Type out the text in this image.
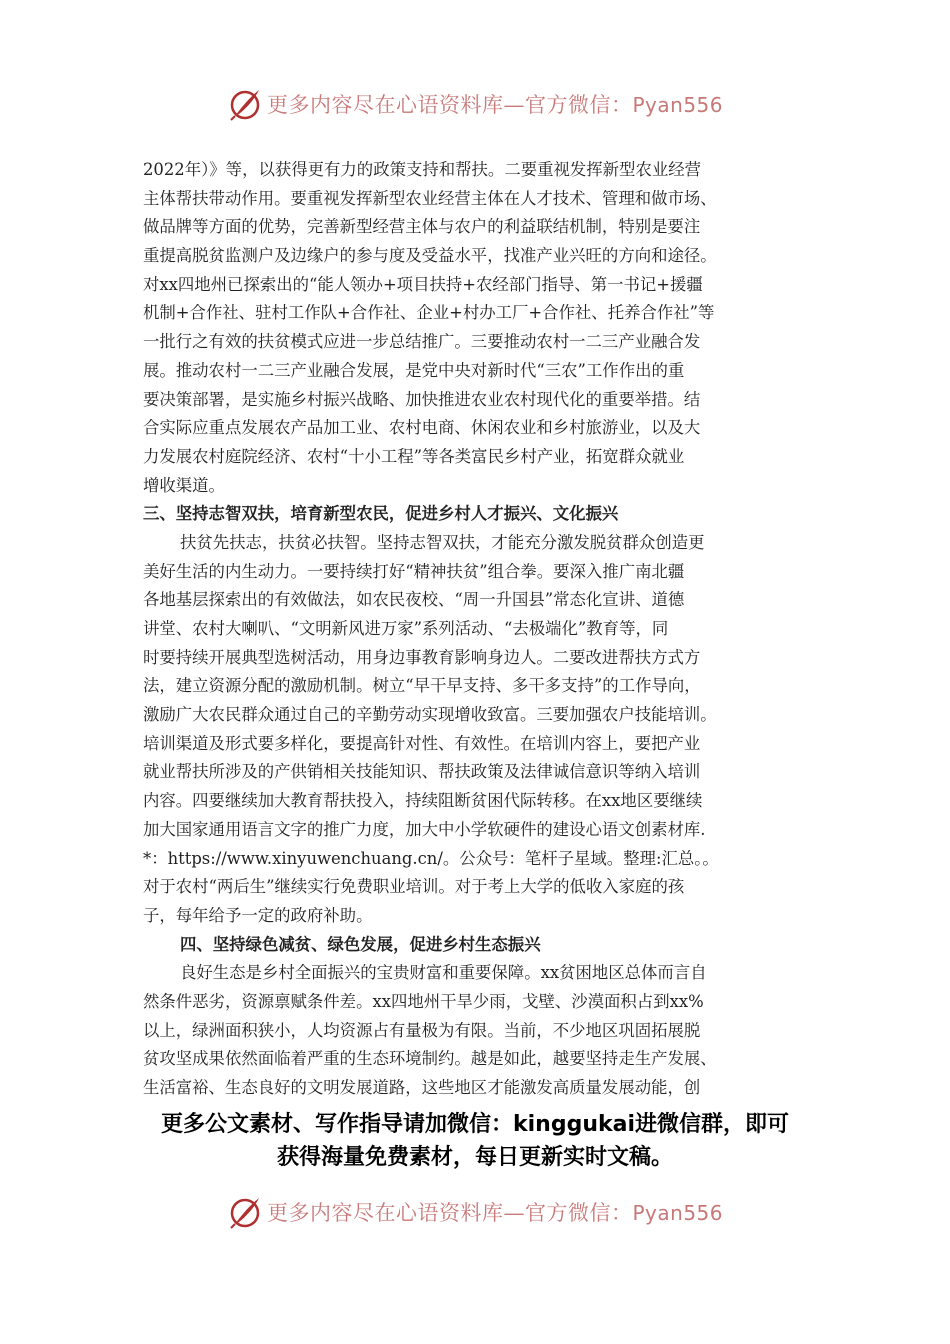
更多内容尽在心语资料库—官方微信：Pyan556
2022年）》等，以获得更有力的政策支持和帮扶。二要重视发挥新型农业经营
主体帮扶带动作用。要重视发挥新型农业经营主体在人才技术、管理和做市场、
做品牌等方面的优势，完善新型经营主体与农户的利益联结机制，特别是要注
重提高脱贫监测户及边缘户的参与度及受益水平，找准产业兴旺的方向和途径。
对xx四地州已探索出的“能人领办+项目扶持+农经部门指导、第一书记+援疆
机制+合作社、驻村工作队+合作社、企业+村办工厂+合作社、托养合作社”等
一批行之有效的扶贫模式应进一步总结推广。三要推动农村一二三产业融合发
展。推动农村一二三产业融合发展，是党中央对新时代“三农”工作作出的重
要决策部署，是实施乡村振兴战略、加快推进农业农村现代化的重要举措。结
合实际应重点发展农产品加工业、农村电商、休闲农业和乡村旅游业，以及大
力发展农村庭院经济、农村“十小工程”等各类富民乡村产业，拓宽群众就业
增收渠道。
三、坚持志智双扶，培育新型农民，促进乡村人才振兴、文化振兴
扶贫先扶志，扶贫必扶智。坚持志智双扶，才能充分激发脱贫群众创造更
美好生活的内生动力。一要持续打好“精神扶贫”组合拳。要深入推广南北疆
各地基层探索出的有效做法，如农民夜校、“周一升国县”常态化宣讲、道德
讲堂、农村大喇叭、“文明新风进万家”系列活动、“去极端化”教育等，同
时要持续开展典型选树活动，用身边事教育影响身边人。二要改进帮扶方式方
法，建立资源分配的激励机制。树立“早干早支持、多干多支持”的工作导向，
激励广大农民群众通过自己的辛勤劳动实现增收致富。三要加强农户技能培训。
培训渠道及形式要多样化，要提高针对性、有效性。在培训内容上，要把产业
就业帮扶所涉及的产供销相关技能知识、帮扶政策及法律诚信意识等纳入培训
内容。四要继续加大教育帮扶投入，持续阻断贫困代际转移。在xx地区要继续
加大国家通用语言文字的推广力度，加大中小学软硬件的建设心语文创素材库.
*：https://www.xinyuwenchuang.cn/。公众号：笔杆子星域。整理:汇总。。
对于农村“两后生”继续实行免费职业培训。对于考上大学的低收入家庭的孩
子，每年给予一定的政府补助。
四、坚持绿色减贫、绿色发展，促进乡村生态振兴
良好生态是乡村全面振兴的宝贵财富和重要保障。xx贫困地区总体而言自
然条件恶劣，资源禀赋条件差。xx四地州干旱少雨，戈壁、沙漠面积占到xx%
以上，绿洲面积狭小，人均资源占有量极为有限。当前，不少地区巩固拓展脱
贫攻坚成果依然面临着严重的生态环境制约。越是如此，越要坚持走生产发展、
生活富裕、生态良好的文明发展道路，这些地区才能激发高质量发展动能，创
更多公文素材、写作指导请加微信：kinggukai进微信群，即可
获得海量免费素材，每日更新实时文稿。
更多内容尽在心语资料库—官方微信：Pyan556
